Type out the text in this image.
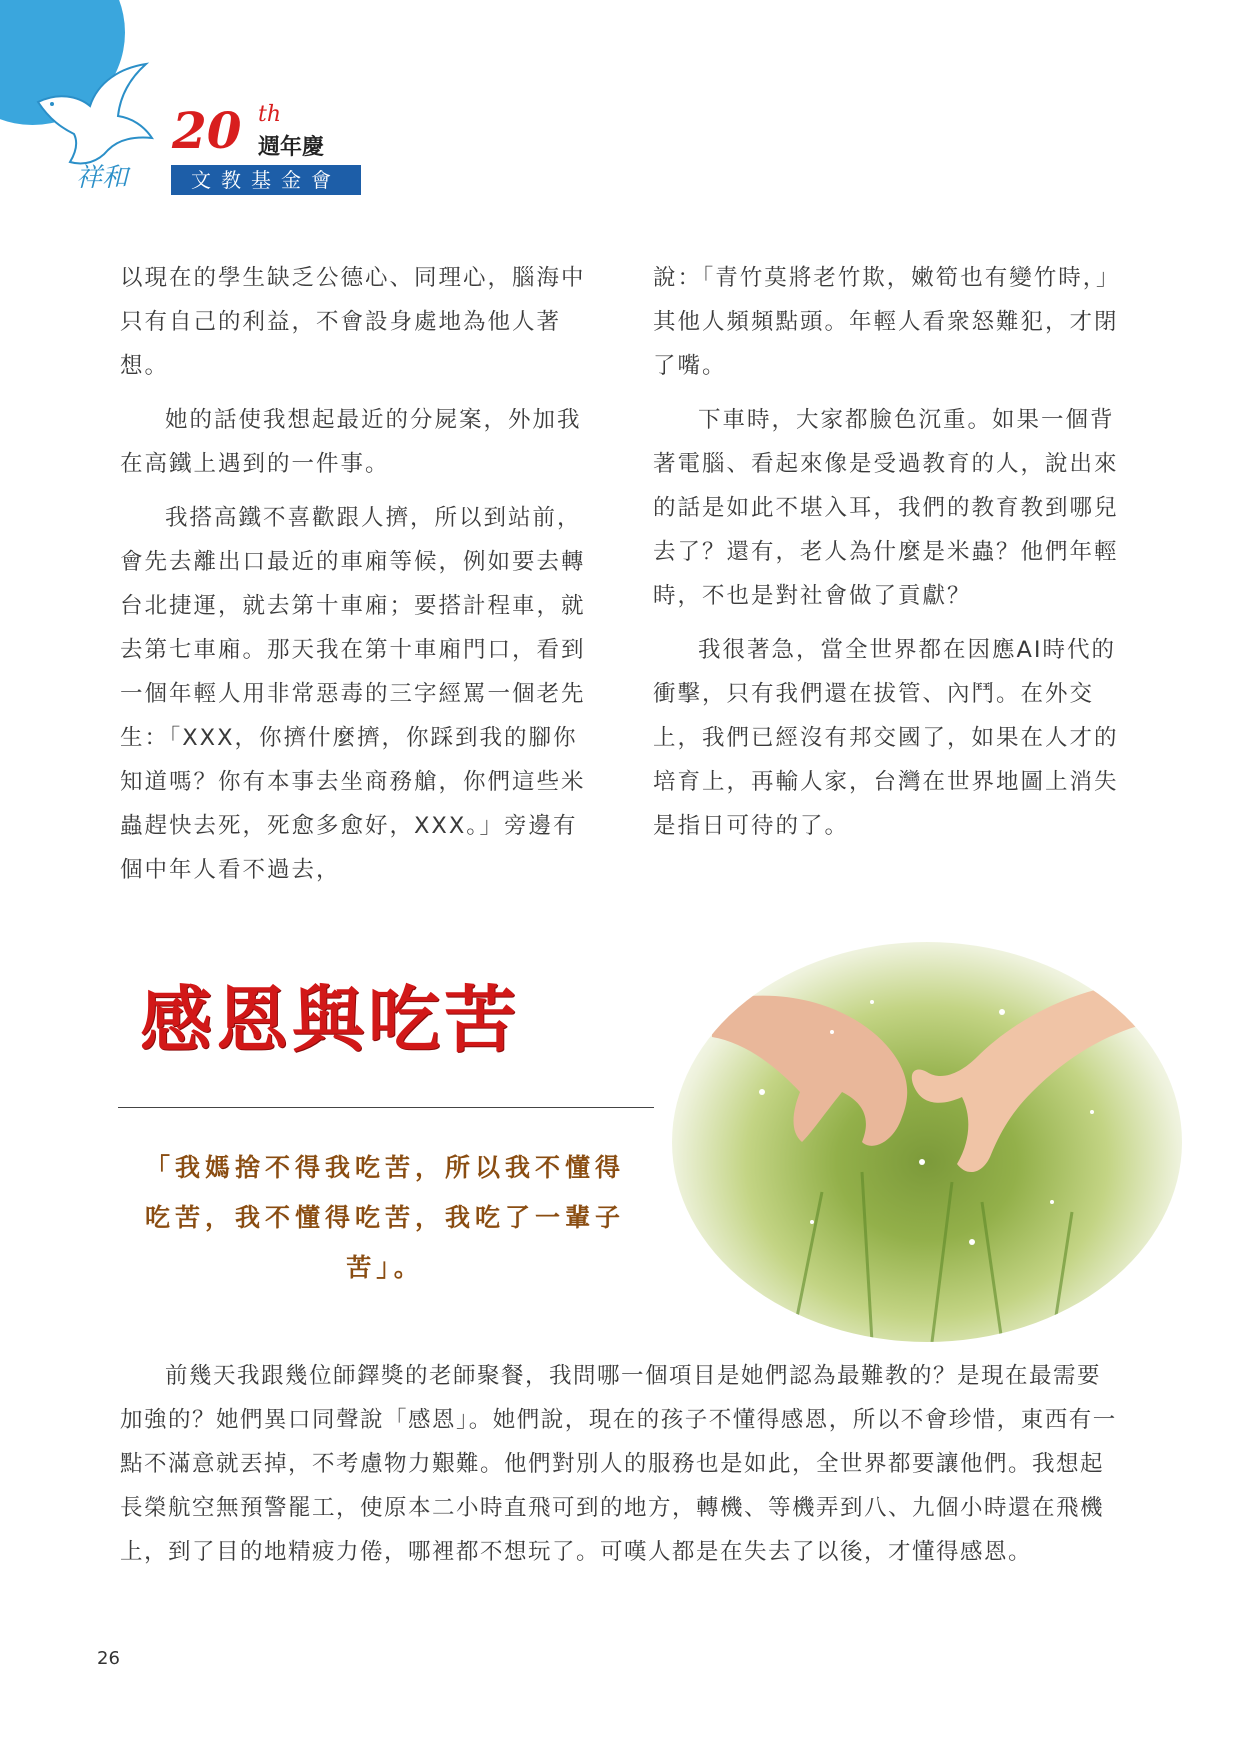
祥和
20 th
週年慶
文教基金會

以現在的學生缺乏公德心、同理心，腦海中只有自己的利益，不會設身處地為他人著想。

她的話使我想起最近的分屍案，外加我在高鐵上遇到的一件事。

我搭高鐵不喜歡跟人擠，所以到站前，會先去離出口最近的車廂等候，例如要去轉台北捷運，就去第十車廂；要搭計程車，就去第七車廂。那天我在第十車廂門口，看到一個年輕人用非常惡毒的三字經罵一個老先生：「XXX，你擠什麼擠，你踩到我的腳你知道嗎？你有本事去坐商務艙，你們這些米蟲趕快去死，死愈多愈好，XXX。」旁邊有個中年人看不過去，

說：「青竹莫將老竹欺，嫩筍也有變竹時，」其他人頻頻點頭。年輕人看衆怒難犯，才閉了嘴。

下車時，大家都臉色沉重。如果一個背著電腦、看起來像是受過教育的人，說出來的話是如此不堪入耳，我們的教育教到哪兒去了？還有，老人為什麼是米蟲？他們年輕時，不也是對社會做了貢獻？

我很著急，當全世界都在因應AI時代的衝擊，只有我們還在拔管、內鬥。在外交上，我們已經沒有邦交國了，如果在人才的培育上，再輸人家，台灣在世界地圖上消失是指日可待的了。

感恩與吃苦
「我媽捨不得我吃苦，所以我不懂得吃苦，我不懂得吃苦，我吃了一輩子苦」。

前幾天我跟幾位師鐸獎的老師聚餐，我問哪一個項目是她們認為最難教的？是現在最需要加強的？她們異口同聲說「感恩」。她們說，現在的孩子不懂得感恩，所以不會珍惜，東西有一點不滿意就丟掉，不考慮物力艱難。他們對別人的服務也是如此，全世界都要讓他們。我想起長榮航空無預警罷工，使原本二小時直飛可到的地方，轉機、等機弄到八、九個小時還在飛機上，到了目的地精疲力倦，哪裡都不想玩了。可嘆人都是在失去了以後，才懂得感恩。

26
